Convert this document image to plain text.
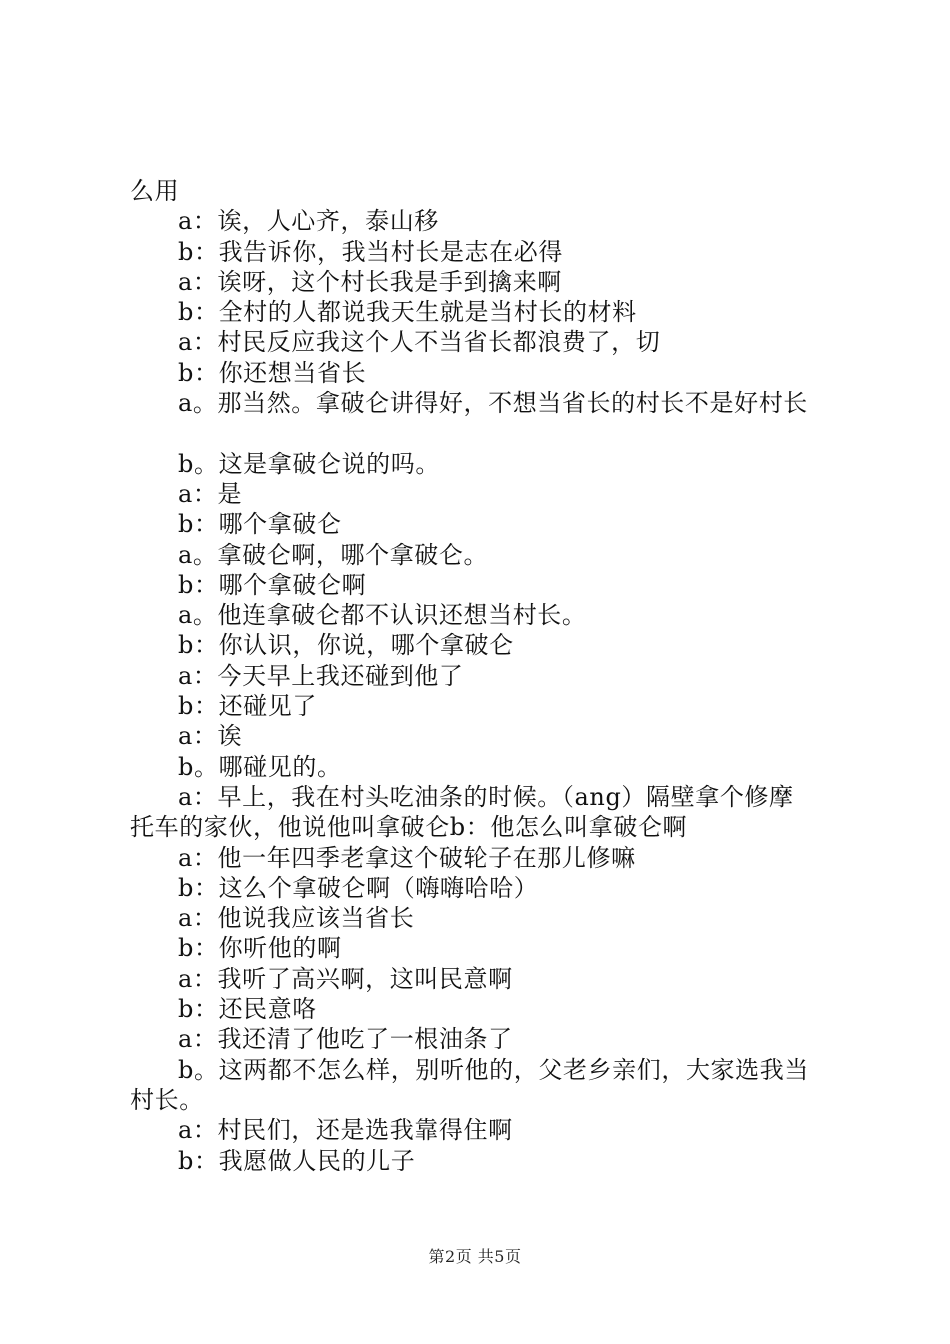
么用
a：诶，人心齐，泰山移
b：我告诉你，我当村长是志在必得
a：诶呀，这个村长我是手到擒来啊
b：全村的人都说我天生就是当村长的材料
a：村民反应我这个人不当省长都浪费了，切
b：你还想当省长
a。那当然。拿破仑讲得好，不想当省长的村长不是好村长
b。这是拿破仑说的吗。
a：是
b：哪个拿破仑
a。拿破仑啊，哪个拿破仑。
b：哪个拿破仑啊
a。他连拿破仑都不认识还想当村长。
b：你认识，你说，哪个拿破仑
a：今天早上我还碰到他了
b：还碰见了
a：诶
b。哪碰见的。
a：早上，我在村头吃油条的时候。（ang）隔壁拿个修摩
托车的家伙，他说他叫拿破仑b：他怎么叫拿破仑啊
a：他一年四季老拿这个破轮子在那儿修嘛
b：这么个拿破仑啊（嗨嗨哈哈）
a：他说我应该当省长
b：你听他的啊
a：我听了高兴啊，这叫民意啊
b：还民意咯
a：我还清了他吃了一根油条了
b。这两都不怎么样，别听他的，父老乡亲们，大家选我当
村长。
a：村民们，还是选我靠得住啊
b：我愿做人民的儿子
第2页 共5页
